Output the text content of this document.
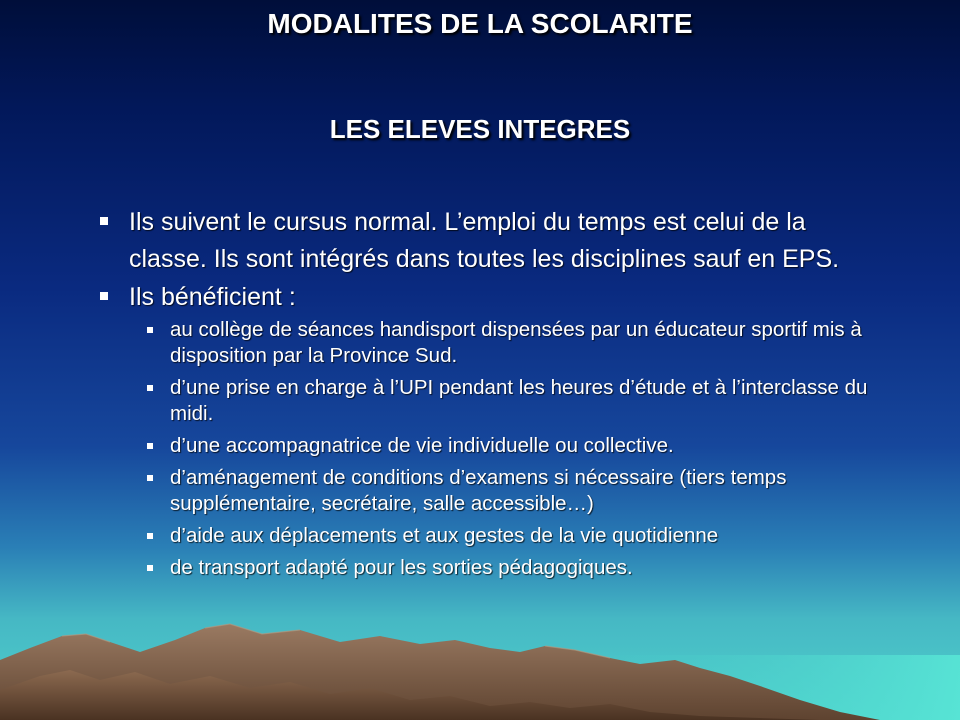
MODALITES DE LA SCOLARITE
LES ELEVES INTEGRES
Ils suivent le cursus normal. L’emploi du temps est celui de la classe. Ils sont intégrés dans toutes les disciplines sauf en EPS.
Ils bénéficient :
au collège de séances handisport dispensées par un éducateur sportif mis à disposition par la Province Sud.
d’une prise en charge à l’UPI pendant les heures d’étude et à l’interclasse du midi.
d’une accompagnatrice de vie individuelle ou collective.
d’aménagement de conditions d’examens si nécessaire (tiers temps supplémentaire, secrétaire, salle accessible…)
d’aide aux déplacements et aux gestes de la vie quotidienne
de transport adapté pour les sorties pédagogiques.
